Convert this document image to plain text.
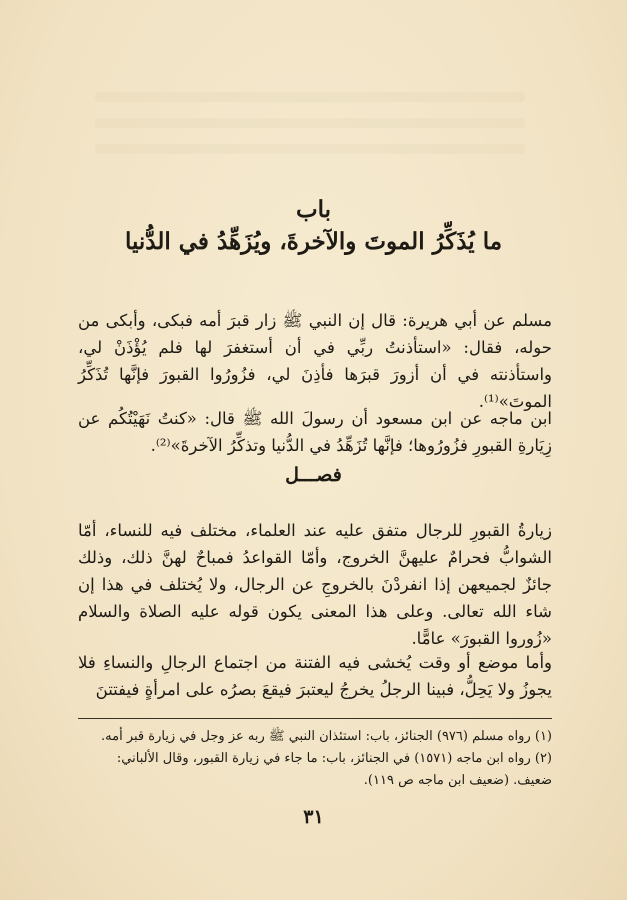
باب
ما يُذَكِّرُ الموتَ والآخرةَ، ويُزَهِّدُ في الدُّنيا

مسلم عن أبي هريرة: قال إن النبي ﷺ زار قبرَ أمه فبكى، وأبكى من حوله، فقال: «استأذنتُ ربِّي في أن أستغفرَ لها فلم يُؤْذَنْ لي، واستأذنته في أن أزورَ قبرَها فأذِنَ لي، فزُورُوا القبورَ فإنَّها تُذَكِّرُ الموتَ»⁽¹⁾.

ابن ماجه عن ابن مسعود أن رسولَ الله ﷺ قال: «كنتُ نَهَيْتُكُم عن زِيَارةِ القبورِ فزُورُوها؛ فإنَّها تُزَهِّدُ في الدُّنيا وتذكِّرُ الآخرةَ»⁽²⁾.

فصـــل

زيارةُ القبورِ للرجال متفق عليه عند العلماء، مختلف فيه للنساء، أمّا الشوابُّ فحرامٌ عليهنَّ الخروج، وأمّا القواعدُ فمباحٌ لهنَّ ذلك، وذلك جائزٌ لجميعهن إذا انفردْنَ بالخروجِ عن الرجال، ولا يُختلف في هذا إن شاء الله تعالى. وعلى هذا المعنى يكون قوله عليه الصلاة والسلام «زُوروا القبورَ» عامًّا.

وأما موضع أو وقت يُخشى فيه الفتنة من اجتماع الرجالِ والنساءِ فلا يجوزُ ولا يَحِلُّ، فبينا الرجلُ يخرجُ ليعتبرَ فيقعَ بصرُه على امرأةٍ فيفتتنَ

(١) رواه مسلم (٩٧٦) الجنائز، باب: استئذان النبي ﷺ ربه عز وجل في زيارة قبر أمه.

(٢) رواه ابن ماجه (١٥٧١) في الجنائز، باب: ما جاء في زيارة القبور، وقال الألباني: ضعيف. (ضعيف ابن ماجه ص ١١٩).

٣١
